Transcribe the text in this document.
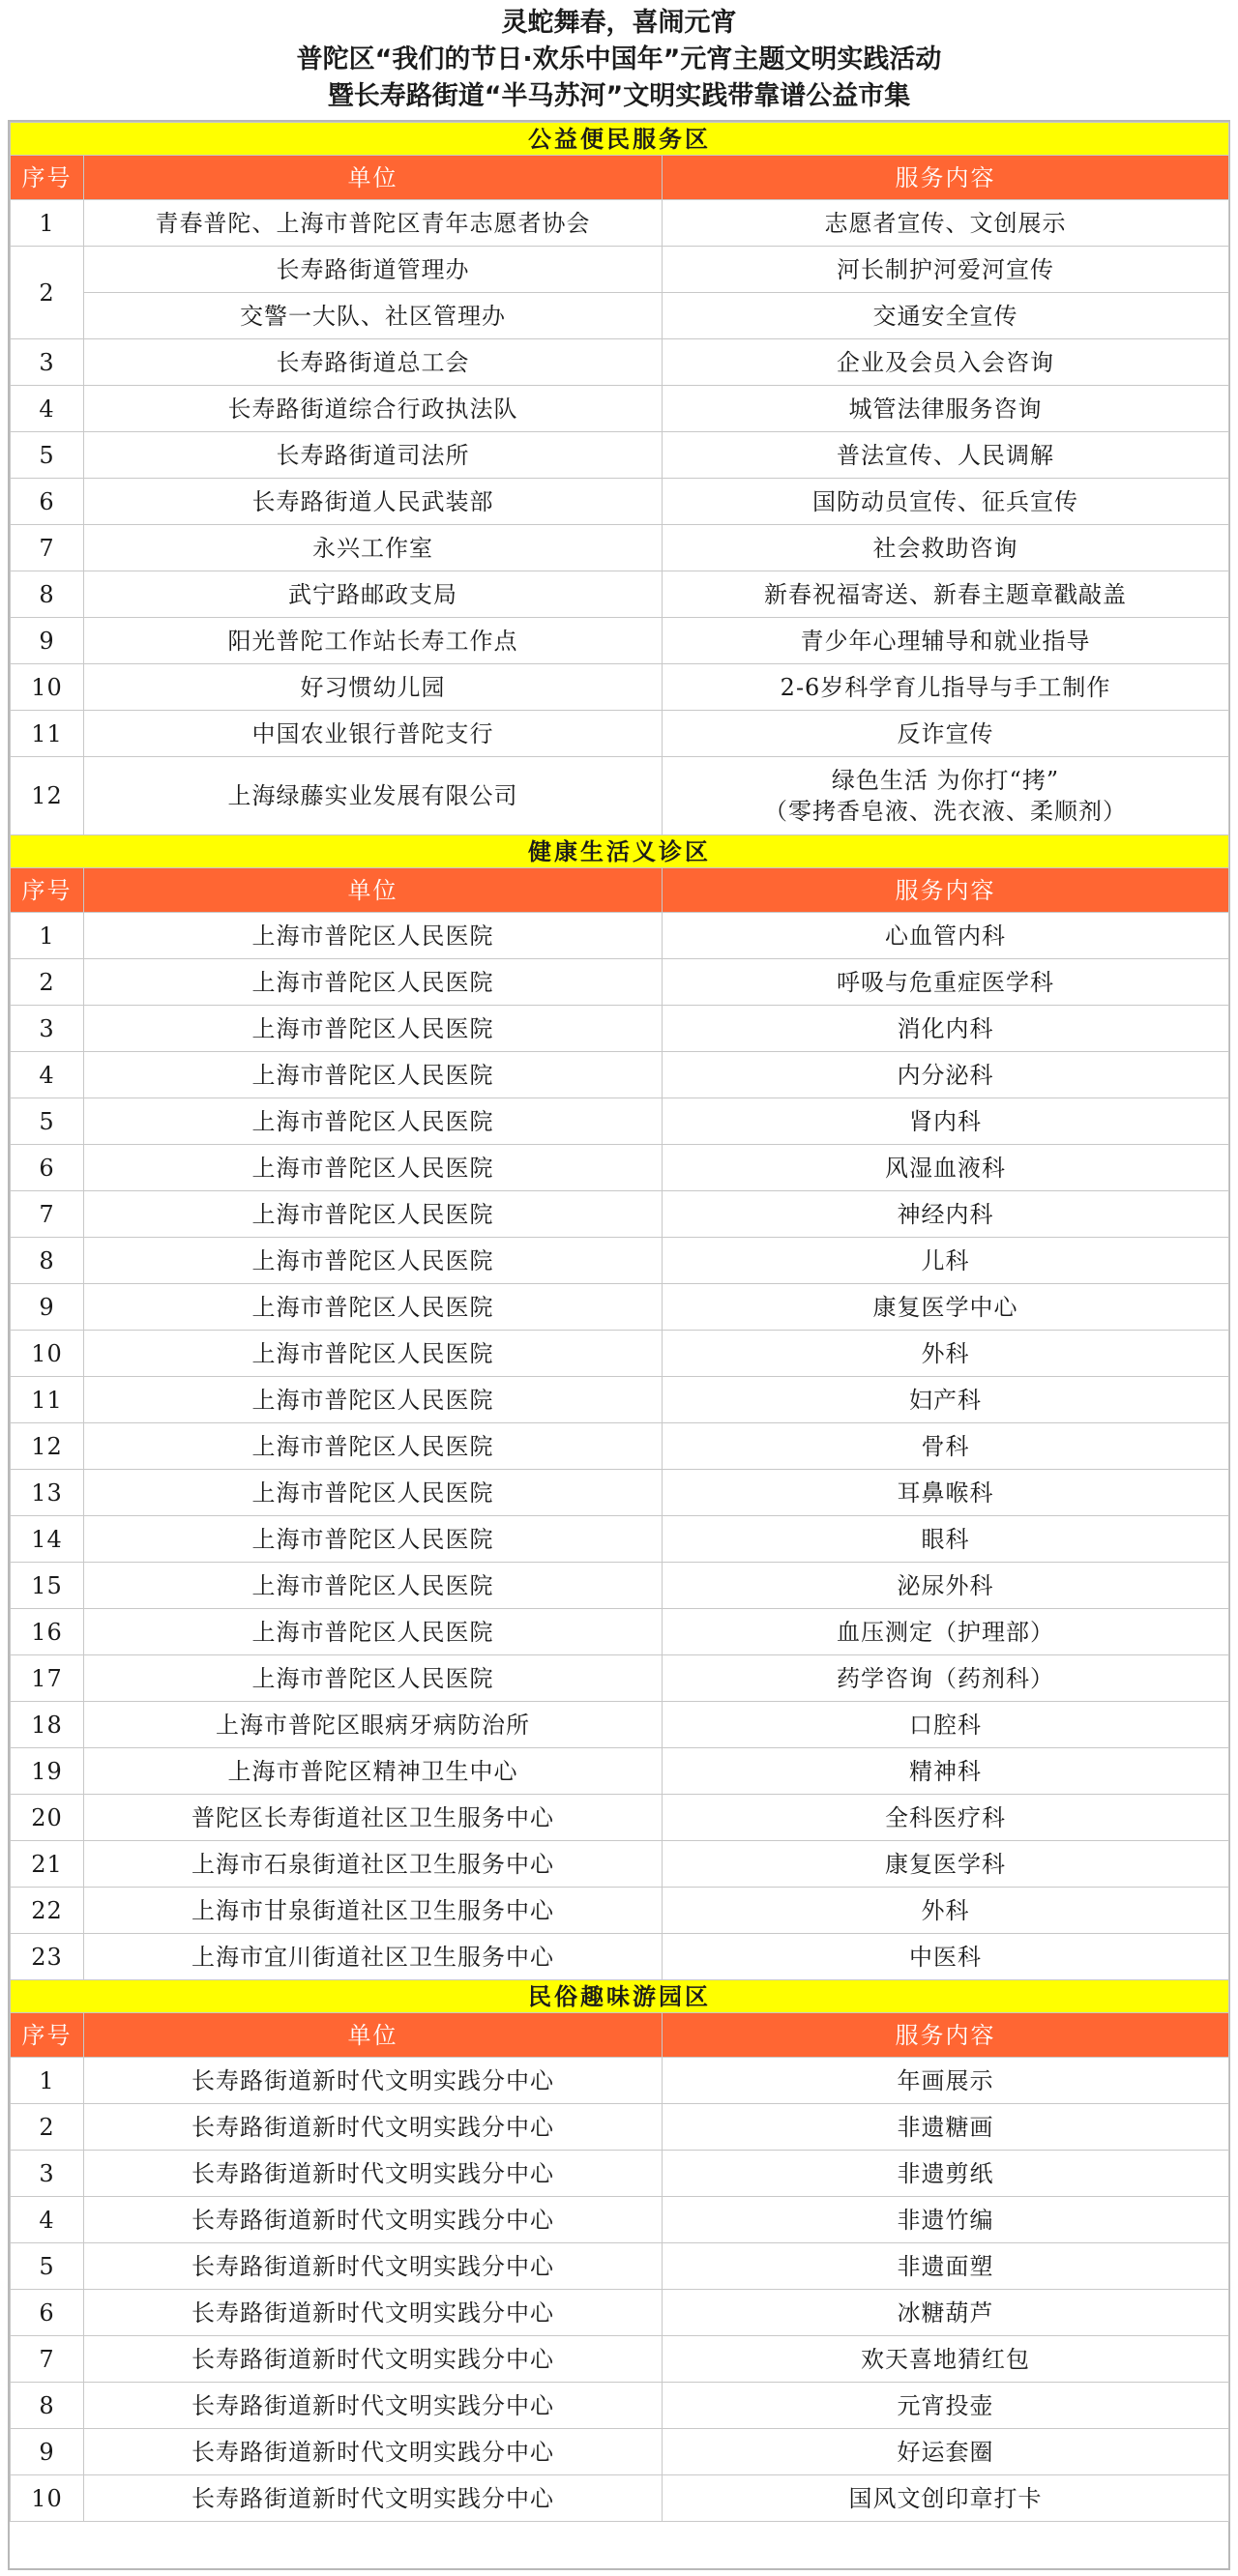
灵蛇舞春，喜闹元宵
普陀区“我们的节日·欢乐中国年”元宵主题文明实践活动
暨长寿路街道“半马苏河”文明实践带靠谱公益市集
公益便民服务区		
序号	单位	服务内容
1	青春普陀、上海市普陀区青年志愿者协会	志愿者宣传、文创展示

2	长寿路街道管理办	河长制护河爱河宣传

	交警一大队、社区管理办	交通安全宣传

3	长寿路街道总工会	企业及会员入会咨询

4	长寿路街道综合行政执法队	城管法律服务咨询

5	长寿路街道司法所	普法宣传、人民调解

6	长寿路街道人民武装部	国防动员宣传、征兵宣传

7	永兴工作室	社会救助咨询

8	武宁路邮政支局	新春祝福寄送、新春主题章戳敲盖

9	阳光普陀工作站长寿工作点	青少年心理辅导和就业指导

10	好习惯幼儿园	2-6岁科学育儿指导与手工制作

11	中国农业银行普陀支行	反诈宣传

12	上海绿藤实业发展有限公司	绿色生活 为你打“拷”
（零拷香皂液、洗衣液、柔顺剂）

健康生活义诊区		
序号	单位	服务内容
1	上海市普陀区人民医院	心血管内科

2	上海市普陀区人民医院	呼吸与危重症医学科

3	上海市普陀区人民医院	消化内科

4	上海市普陀区人民医院	内分泌科

5	上海市普陀区人民医院	肾内科

6	上海市普陀区人民医院	风湿血液科

7	上海市普陀区人民医院	神经内科

8	上海市普陀区人民医院	儿科

9	上海市普陀区人民医院	康复医学中心

10	上海市普陀区人民医院	外科

11	上海市普陀区人民医院	妇产科

12	上海市普陀区人民医院	骨科

13	上海市普陀区人民医院	耳鼻喉科

14	上海市普陀区人民医院	眼科

15	上海市普陀区人民医院	泌尿外科

16	上海市普陀区人民医院	血压测定（护理部）

17	上海市普陀区人民医院	药学咨询（药剂科）

18	上海市普陀区眼病牙病防治所	口腔科

19	上海市普陀区精神卫生中心	精神科

20	普陀区长寿街道社区卫生服务中心	全科医疗科

21	上海市石泉街道社区卫生服务中心	康复医学科

22	上海市甘泉街道社区卫生服务中心	外科

23	上海市宜川街道社区卫生服务中心	中医科

民俗趣味游园区		
序号	单位	服务内容
1	长寿路街道新时代文明实践分中心	年画展示

2	长寿路街道新时代文明实践分中心	非遗糖画

3	长寿路街道新时代文明实践分中心	非遗剪纸

4	长寿路街道新时代文明实践分中心	非遗竹编

5	长寿路街道新时代文明实践分中心	非遗面塑

6	长寿路街道新时代文明实践分中心	冰糖葫芦

7	长寿路街道新时代文明实践分中心	欢天喜地猜红包

8	长寿路街道新时代文明实践分中心	元宵投壶

9	长寿路街道新时代文明实践分中心	好运套圈

10	长寿路街道新时代文明实践分中心	国风文创印章打卡
